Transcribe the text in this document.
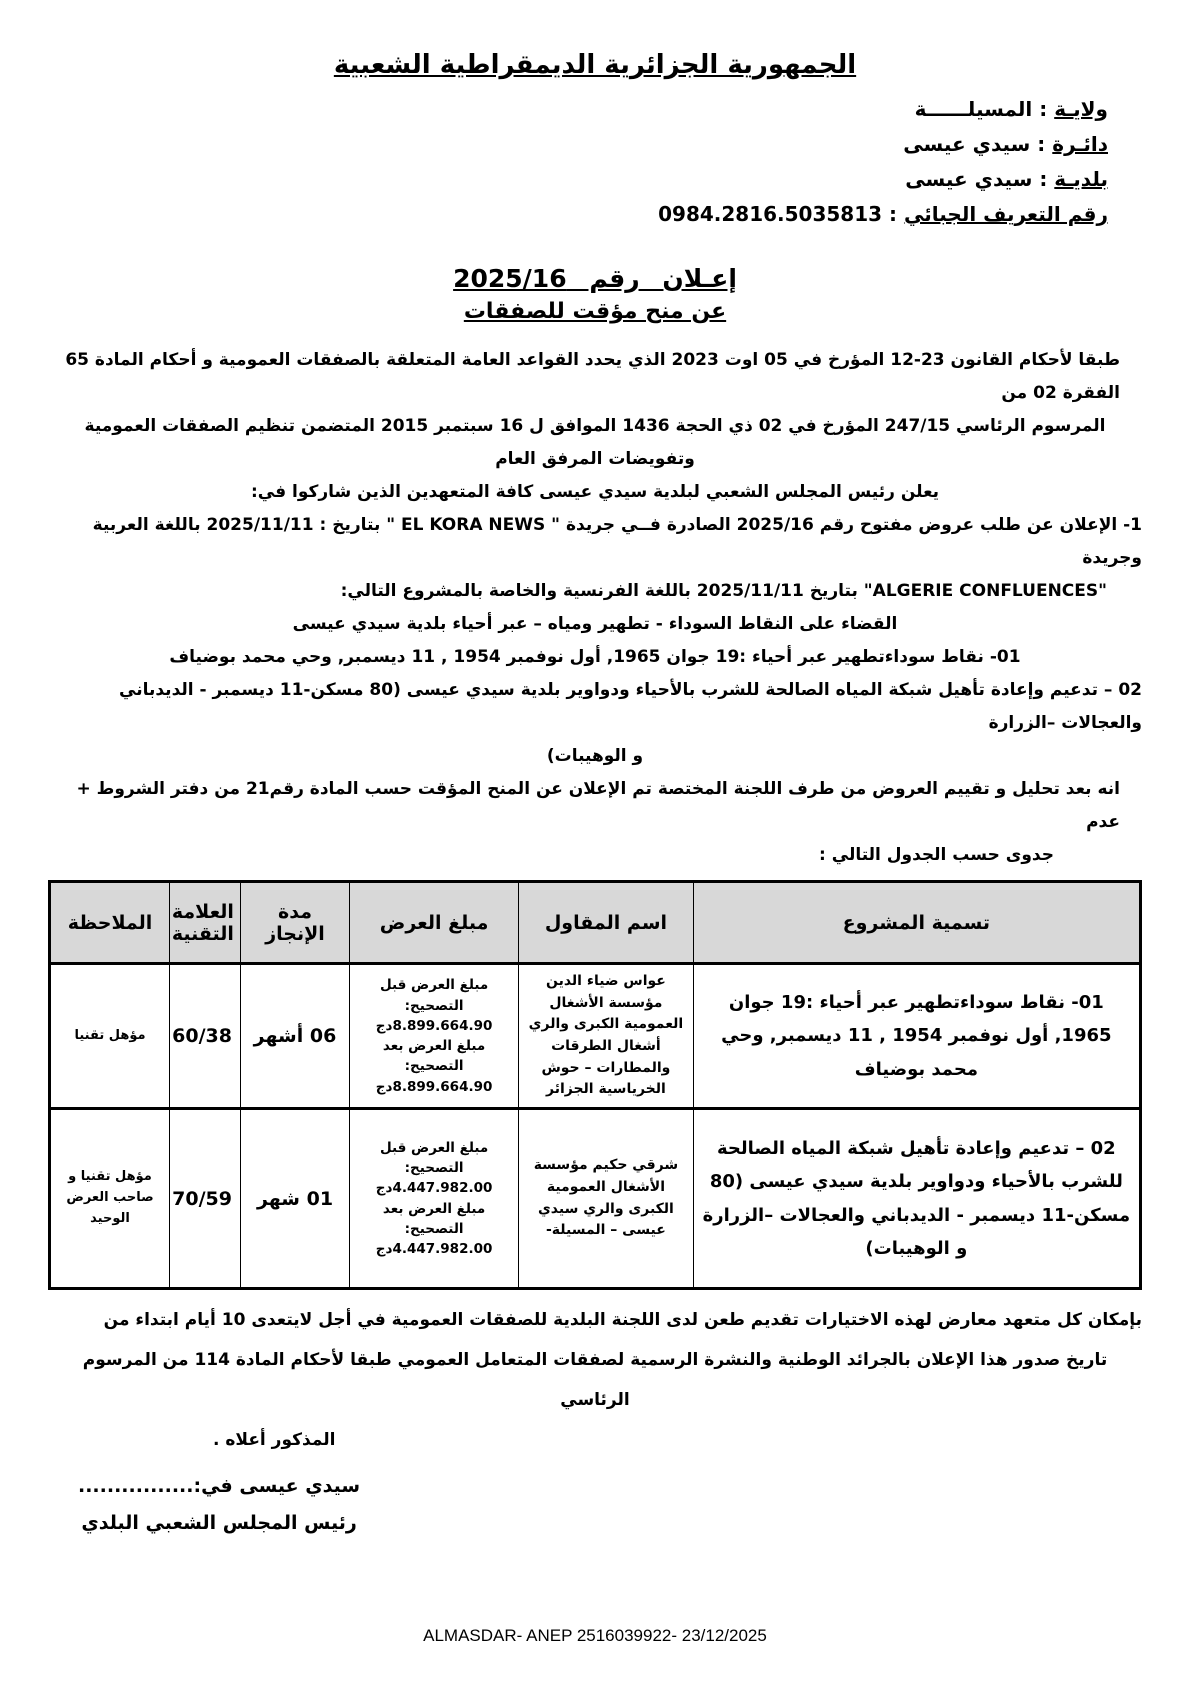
الجمهورية الجزائرية الديمقراطية الشعبية
ولايـة : المسيلــــــة
دائـرة : سيدي عيسى
بلديـة : سيدي عيسى
رقم التعريف الجبائي : 0984.2816.5035813
إعـلان رقم 2025/16
عن منح مؤقت للصفقات
طبقا لأحكام القانون 23-12 المؤرخ في 05 اوت 2023 الذي يحدد القواعد العامة المتعلقة بالصفقات العمومية و أحكام المادة 65 الفقرة 02 من
المرسوم الرئاسي 247/15 المؤرخ في 02 ذي الحجة 1436 الموافق ل 16 سبتمبر 2015 المتضمن تنظيم الصفقات العمومية وتفويضات المرفق العام
يعلن رئيس المجلس الشعبي لبلدية سيدي عيسى كافة المتعهدين الذين شاركوا في:
1- الإعلان عن طلب عروض مفتوح رقم 2025/16 الصادرة فــي جريدة " EL KORA NEWS " بتاريخ : 2025/11/11 باللغة العربية وجريدة
"ALGERIE CONFLUENCES" بتاريخ 2025/11/11 باللغة الفرنسية والخاصة بالمشروع التالي:
القضاء على النقاط السوداء - تطهير ومياه – عبر أحياء بلدية سيدي عيسى
01- نقاط سوداءتطهير عبر أحياء :19 جوان 1965, أول نوفمبر 1954 , 11 ديسمبر, وحي محمد بوضياف
02 – تدعيم وإعادة تأهيل شبكة المياه الصالحة للشرب بالأحياء ودواوير بلدية سيدي عيسى (80 مسكن-11 ديسمبر - الديدباني والعجالات –الزرارة
و الوهيبات)
انه بعد تحليل و تقييم العروض من طرف اللجنة المختصة تم الإعلان عن المنح المؤقت حسب المادة رقم21 من دفتر الشروط + عدم
جدوى حسب الجدول التالي :
تسمية المشروع	اسم المقاول	مبلغ العرض	مدة الإنجاز	العلامة التقنية	الملاحظة
01- نقاط سوداءتطهير عبر أحياء :19 جوان 1965, أول نوفمبر 1954 , 11 ديسمبر, وحي محمد بوضياف	عواس ضياء الدين مؤسسة الأشغال العمومية الكبرى والري أشغال الطرقات والمطارات – حوش الخرياسية الجزائر	مبلغ العرض قبل التصحيح:
8.899.664.90دج
مبلغ العرض بعد التصحيح:
8.899.664.90دج	06 أشهر	60/38	مؤهل تقنيا
02 – تدعيم وإعادة تأهيل شبكة المياه الصالحة للشرب بالأحياء ودواوير بلدية سيدي عيسى (80 مسكن-11 ديسمبر - الديدباني والعجالات –الزرارة و الوهيبات)	شرقي حكيم مؤسسة الأشغال العمومية الكبرى والري سيدي عيسى – المسيلة-	مبلغ العرض قبل التصحيح:
4.447.982.00دج
مبلغ العرض بعد التصحيح:
4.447.982.00دج	01 شهر	70/59	مؤهل تقنيا و صاحب العرض الوحيد
بإمكان كل متعهد معارض لهذه الاختيارات تقديم طعن لدى اللجنة البلدية للصفقات العمومية في أجل لايتعدى 10 أيام ابتداء من
تاريخ صدور هذا الإعلان بالجرائد الوطنية والنشرة الرسمية لصفقات المتعامل العمومي طبقا لأحكام المادة 114 من المرسوم الرئاسي
المذكور أعلاه .
سيدي عيسى في:................
رئيس المجلس الشعبي البلدي
ALMASDAR- ANEP 2516039922- 23/12/2025
